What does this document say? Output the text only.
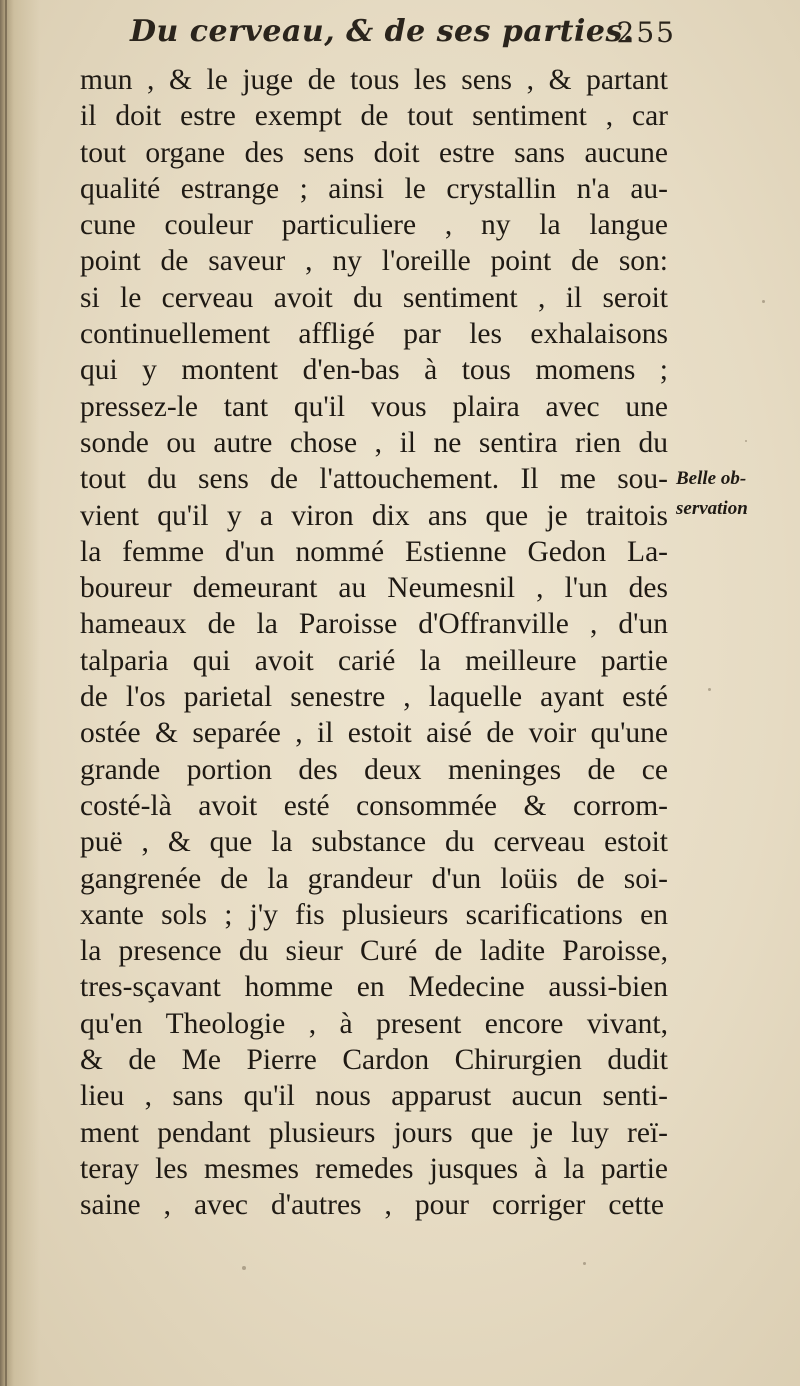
Du cerveau, & de ses parties.
255
mun , & le juge de tous les sens , & partant
il doit estre exempt de tout sentiment , car
tout organe des sens doit estre sans aucune
qualité estrange ; ainsi le crystallin n'a au-
cune couleur particuliere , ny la langue
point de saveur , ny l'oreille point de son:
si le cerveau avoit du sentiment , il seroit
continuellement affligé par les exhalaisons
qui y montent d'en-bas à tous momens ;
pressez-le tant qu'il vous plaira avec une
sonde ou autre chose , il ne sentira rien du
tout du sens de l'attouchement. Il me sou-
vient qu'il y a viron dix ans que je traitois
la femme d'un nommé Estienne Gedon La-
boureur demeurant au Neumesnil , l'un des
hameaux de la Paroisse d'Offranville , d'un
talparia qui avoit carié la meilleure partie
de l'os parietal senestre , laquelle ayant esté
ostée & separée , il estoit aisé de voir qu'une
grande portion des deux meninges de ce
costé-là avoit esté consommée & corrom-
puë , & que la substance du cerveau estoit
gangrenée de la grandeur d'un loüis de soi-
xante sols ; j'y fis plusieurs scarifications en
la presence du sieur Curé de ladite Paroisse,
tres-sçavant homme en Medecine aussi-bien
qu'en Theologie , à present encore vivant,
& de Me Pierre Cardon Chirurgien dudit
lieu , sans qu'il nous apparust aucun senti-
ment pendant plusieurs jours que je luy reï-
teray les mesmes remedes jusques à la partie
saine , avec d'autres , pour corriger cette
Belle ob-
servation
